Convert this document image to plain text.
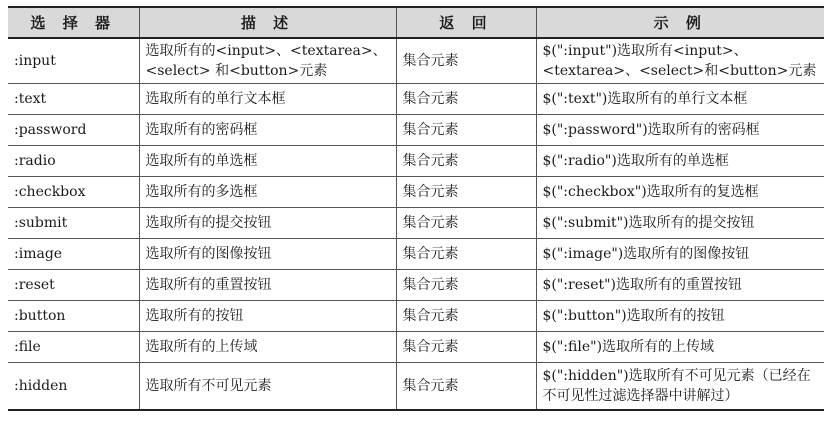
选 择 器	描 述	返 回	示 例
:input	选取所有的<input>、<textarea>、<select> 和<button>元素	集合元素	$(":input")选取所有<input>、<textarea>、<select>和<button>元素
:text	选取所有的单行文本框	集合元素	$(":text")选取所有的单行文本框
:password	选取所有的密码框	集合元素	$(":password")选取所有的密码框
:radio	选取所有的单选框	集合元素	$(":radio")选取所有的单选框
:checkbox	选取所有的多选框	集合元素	$(":checkbox")选取所有的复选框
:submit	选取所有的提交按钮	集合元素	$(":submit")选取所有的提交按钮
:image	选取所有的图像按钮	集合元素	$(":image")选取所有的图像按钮
:reset	选取所有的重置按钮	集合元素	$(":reset")选取所有的重置按钮
:button	选取所有的按钮	集合元素	$(":button")选取所有的按钮
:file	选取所有的上传域	集合元素	$(":file")选取所有的上传域
:hidden	选取所有不可见元素	集合元素	$(":hidden")选取所有不可见元素（已经在不可见性过滤选择器中讲解过）
